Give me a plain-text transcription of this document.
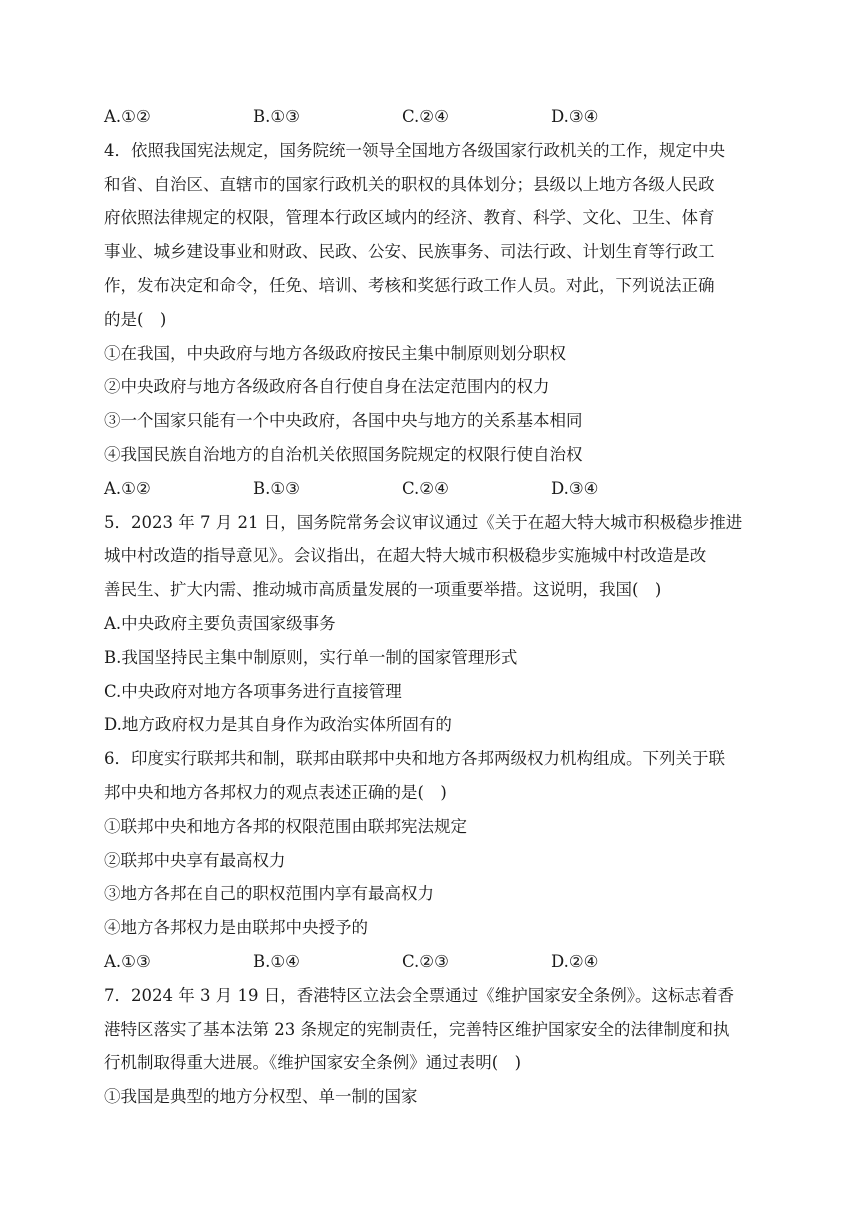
A.①②	B.①③	C.②④	D.③④
4．依照我国宪法规定，国务院统一领导全国地方各级国家行政机关的工作，规定中央
和省、自治区、直辖市的国家行政机关的职权的具体划分；县级以上地方各级人民政
府依照法律规定的权限，管理本行政区域内的经济、教育、科学、文化、卫生、体育
事业、城乡建设事业和财政、民政、公安、民族事务、司法行政、计划生育等行政工
作，发布决定和命令，任免、培训、考核和奖惩行政工作人员。对此，下列说法正确
的是(　)
①在我国，中央政府与地方各级政府按民主集中制原则划分职权
②中央政府与地方各级政府各自行使自身在法定范围内的权力
③一个国家只能有一个中央政府，各国中央与地方的关系基本相同
④我国民族自治地方的自治机关依照国务院规定的权限行使自治权
A.①②	B.①③	C.②④	D.③④
5．2023 年 7 月 21 日，国务院常务会议审议通过《关于在超大特大城市积极稳步推进
城中村改造的指导意见》。会议指出，在超大特大城市积极稳步实施城中村改造是改
善民生、扩大内需、推动城市高质量发展的一项重要举措。这说明，我国(　)
A.中央政府主要负责国家级事务
B.我国坚持民主集中制原则，实行单一制的国家管理形式
C.中央政府对地方各项事务进行直接管理
D.地方政府权力是其自身作为政治实体所固有的
6．印度实行联邦共和制，联邦由联邦中央和地方各邦两级权力机构组成。下列关于联
邦中央和地方各邦权力的观点表述正确的是(　)
①联邦中央和地方各邦的权限范围由联邦宪法规定
②联邦中央享有最高权力
③地方各邦在自己的职权范围内享有最高权力
④地方各邦权力是由联邦中央授予的
A.①③	B.①④	C.②③	D.②④
7．2024 年 3 月 19 日，香港特区立法会全票通过《维护国家安全条例》。这标志着香
港特区落实了基本法第 23 条规定的宪制责任，完善特区维护国家安全的法律制度和执
行机制取得重大进展。《维护国家安全条例》通过表明(　)
①我国是典型的地方分权型、单一制的国家
